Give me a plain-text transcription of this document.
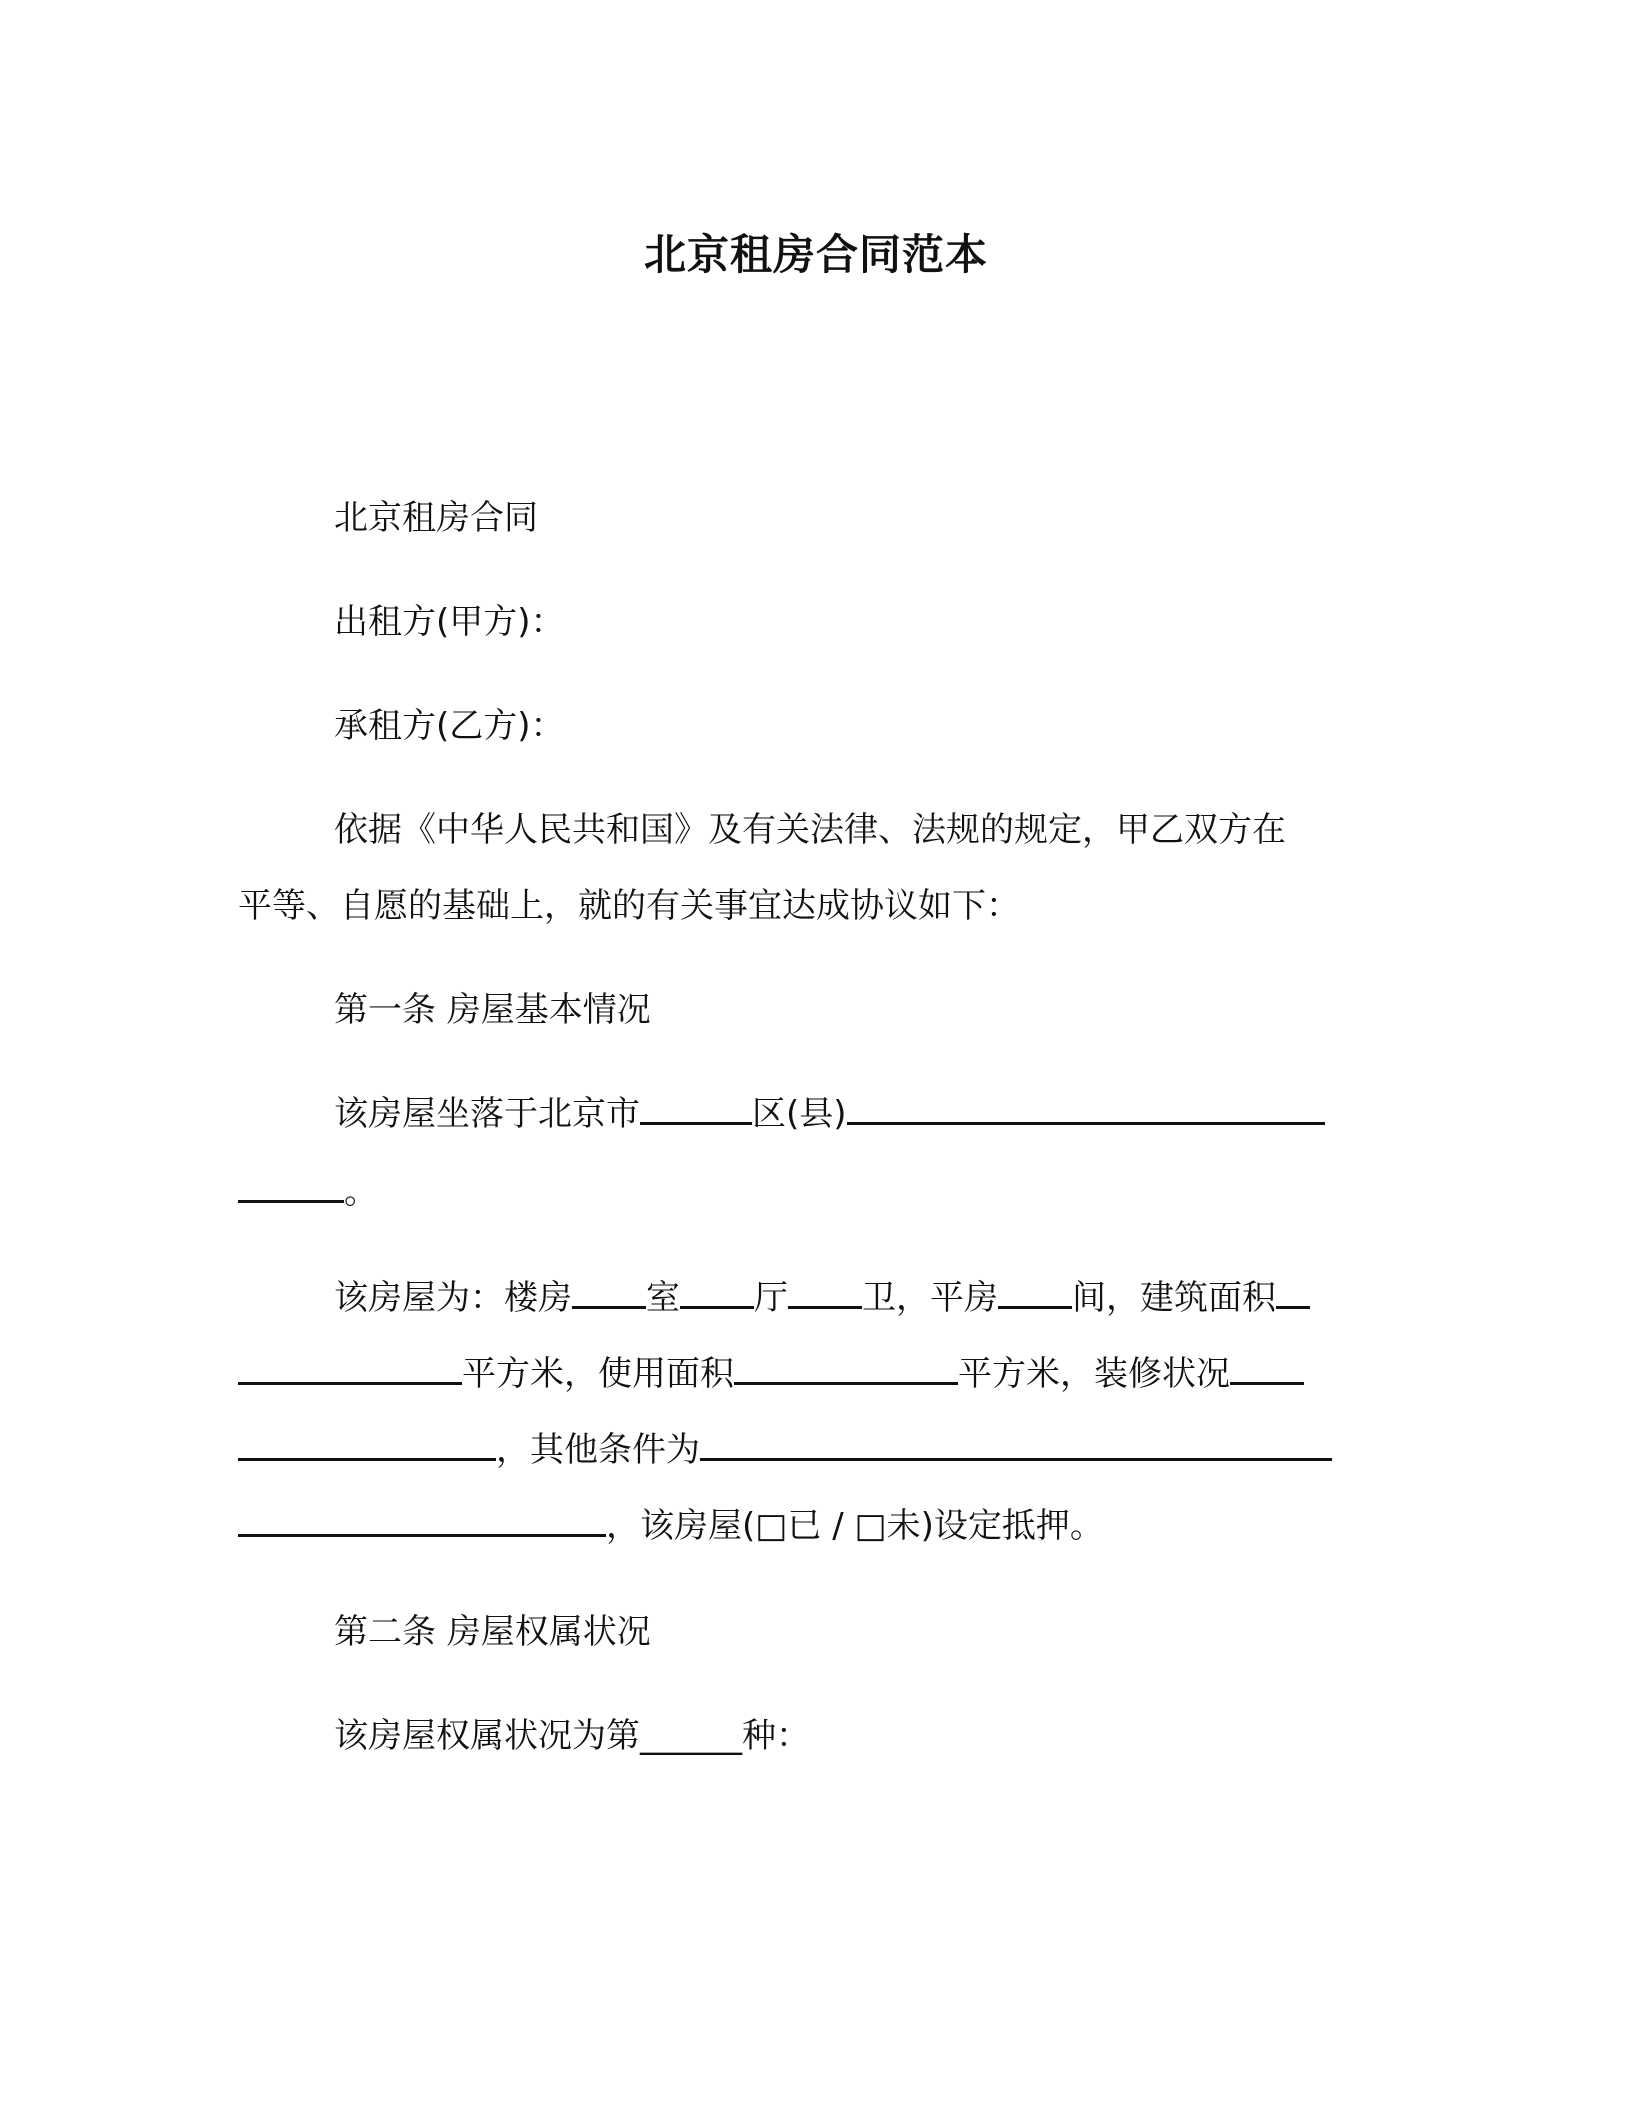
北京租房合同范本
北京租房合同
出租方(甲方)：
承租方(乙方)：
依据《中华人民共和国》及有关法律、法规的规定，甲乙双方在
平等、自愿的基础上，就的有关事宜达成协议如下：
第一条 房屋基本情况
该房屋坐落于北京市	区(县)
。
该房屋为：楼房 室 厅 卫，平房 间，建筑面积
平方米，使用面积	平方米，装修状况
，其他条件为
，该房屋(□已 / □未)设定抵押。
第二条 房屋权属状况
该房屋权属状况为第______种：
